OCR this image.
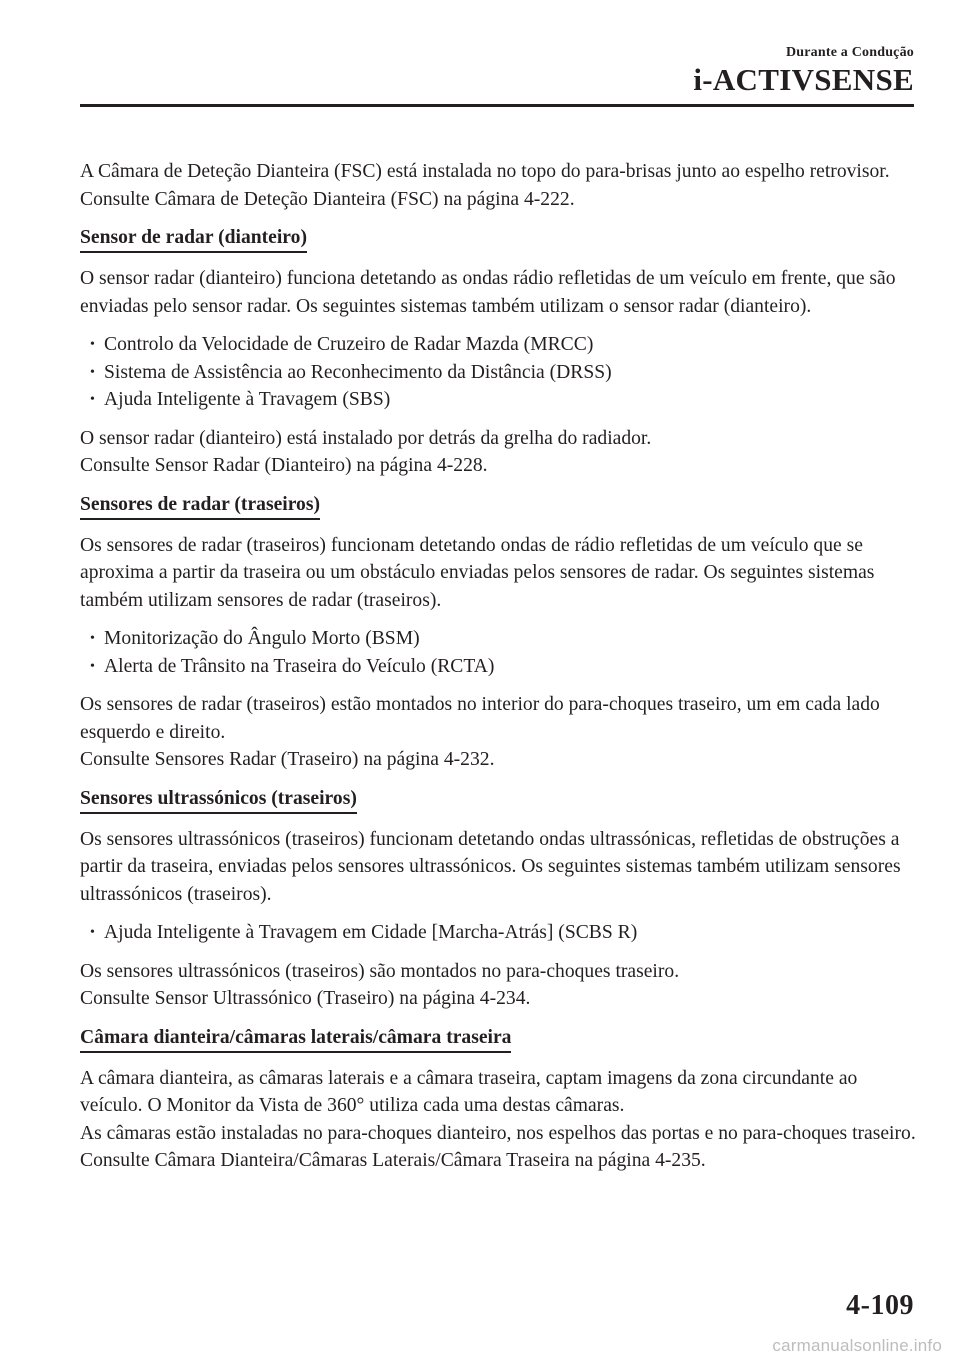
Durante a Condução
i-ACTIVSENSE

A Câmara de Deteção Dianteira (FSC) está instalada no topo do para-brisas junto ao espelho retrovisor.

Consulte Câmara de Deteção Dianteira (FSC) na página 4-222.

Sensor de radar (dianteiro)

O sensor radar (dianteiro) funciona detetando as ondas rádio refletidas de um veículo em frente, que são enviadas pelo sensor radar. Os seguintes sistemas também utilizam o sensor radar (dianteiro).

• Controlo da Velocidade de Cruzeiro de Radar Mazda (MRCC)
• Sistema de Assistência ao Reconhecimento da Distância (DRSS)
• Ajuda Inteligente à Travagem (SBS)

O sensor radar (dianteiro) está instalado por detrás da grelha do radiador.

Consulte Sensor Radar (Dianteiro) na página 4-228.

Sensores de radar (traseiros)

Os sensores de radar (traseiros) funcionam detetando ondas de rádio refletidas de um veículo que se aproxima a partir da traseira ou um obstáculo enviadas pelos sensores de radar. Os seguintes sistemas também utilizam sensores de radar (traseiros).

• Monitorização do Ângulo Morto (BSM)
• Alerta de Trânsito na Traseira do Veículo (RCTA)

Os sensores de radar (traseiros) estão montados no interior do para-choques traseiro, um em cada lado esquerdo e direito.

Consulte Sensores Radar (Traseiro) na página 4-232.

Sensores ultrassónicos (traseiros)

Os sensores ultrassónicos (traseiros) funcionam detetando ondas ultrassónicas, refletidas de obstruções a partir da traseira, enviadas pelos sensores ultrassónicos. Os seguintes sistemas também utilizam sensores ultrassónicos (traseiros).

• Ajuda Inteligente à Travagem em Cidade [Marcha-Atrás] (SCBS R)

Os sensores ultrassónicos (traseiros) são montados no para-choques traseiro.

Consulte Sensor Ultrassónico (Traseiro) na página 4-234.

Câmara dianteira/câmaras laterais/câmara traseira

A câmara dianteira, as câmaras laterais e a câmara traseira, captam imagens da zona circundante ao veículo. O Monitor da Vista de 360° utiliza cada uma destas câmaras.

As câmaras estão instaladas no para-choques dianteiro, nos espelhos das portas e no para-choques traseiro.

Consulte Câmara Dianteira/Câmaras Laterais/Câmara Traseira na página 4-235.

4-109
carmanualsonline.info
